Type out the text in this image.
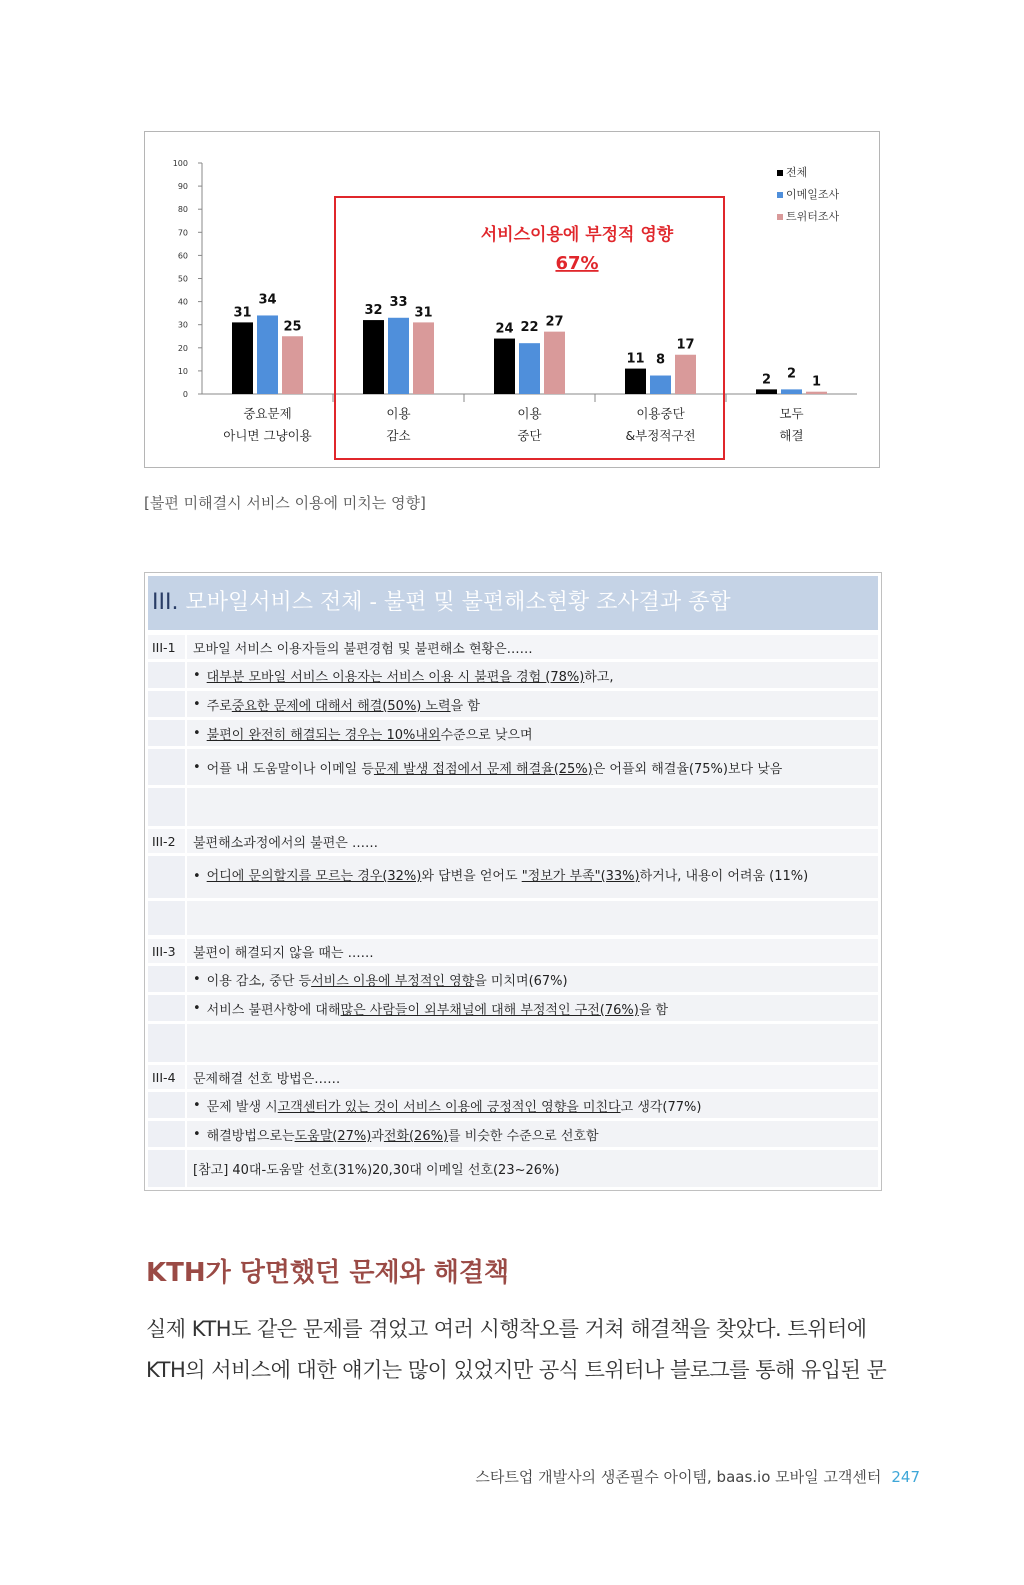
0
10
20
30
40
50
60
70
80
90
100
31
34
25
중요문제
아니면 그냥이용
32
33
31
이용
감소
24 22 27
이용
중단
11 8
17
이용중단
&부정적구전
2 2
1
모두
해결
서비스이용에 부정적 영향
67%
전체
이메일조사
트위터조사
[불편 미해결시 서비스 이용에 미치는 영향]
III. 모바일서비스 전체 - 불편 및 불편해소현황 조사결과 종합
III-1	모바일 서비스 이용자들의 불편경험 및 불편해소 현황은……
• 대부분 모바일 서비스 이용자는 서비스 이용 시 불편을 경험 (78%) 하고,
• 주로 중요한 문제에 대해서 해결(50%) 노력 을 함
• 불편이 완전히 해결되는 경우는 10%내외 수준으로 낮으며
• 어플 내 도움말이나 이메일 등 문제 발생 접점에서 문제 해결율(25%) 은 어플외 해결율(75%)보다 낮음
III-2	불편해소과정에서의 불편은 ……
• 어디에 문의할지를 모르는 경우(32%)와 답변을 얻어도 "정보가 부족"(33%)하거나, 내용이 어려움 (11%)
III-3	불편이 해결되지 않을 때는 ……
• 이용 감소, 중단 등 서비스 이용에 부정적인 영향 을 미치며(67%)
• 서비스 불편사항에 대해 많은 사람들이 외부채널에 대해 부정적인 구전(76%) 을 함
III-4	문제해결 선호 방법은……
• 문제 발생 시 고객센터가 있는 것이 서비스 이용에 긍정적인 영향을 미친다 고 생각(77%)
• 해결방법으로는 도움말(27%) 과 전화(26%) 를 비슷한 수준으로 선호함
[참고] 40대-도움말 선호(31%)20,30대 이메일 선호(23~26%)
KTH가 당면했던 문제와 해결책
실제 KTH도 같은 문제를 겪었고 여러 시행착오를 거쳐 해결책을 찾았다. 트위터에
KTH의 서비스에 대한 얘기는 많이 있었지만 공식 트위터나 블로그를 통해 유입된 문
스타트업 개발사의 생존필수 아이템, baas.io 모바일 고객센터 247
